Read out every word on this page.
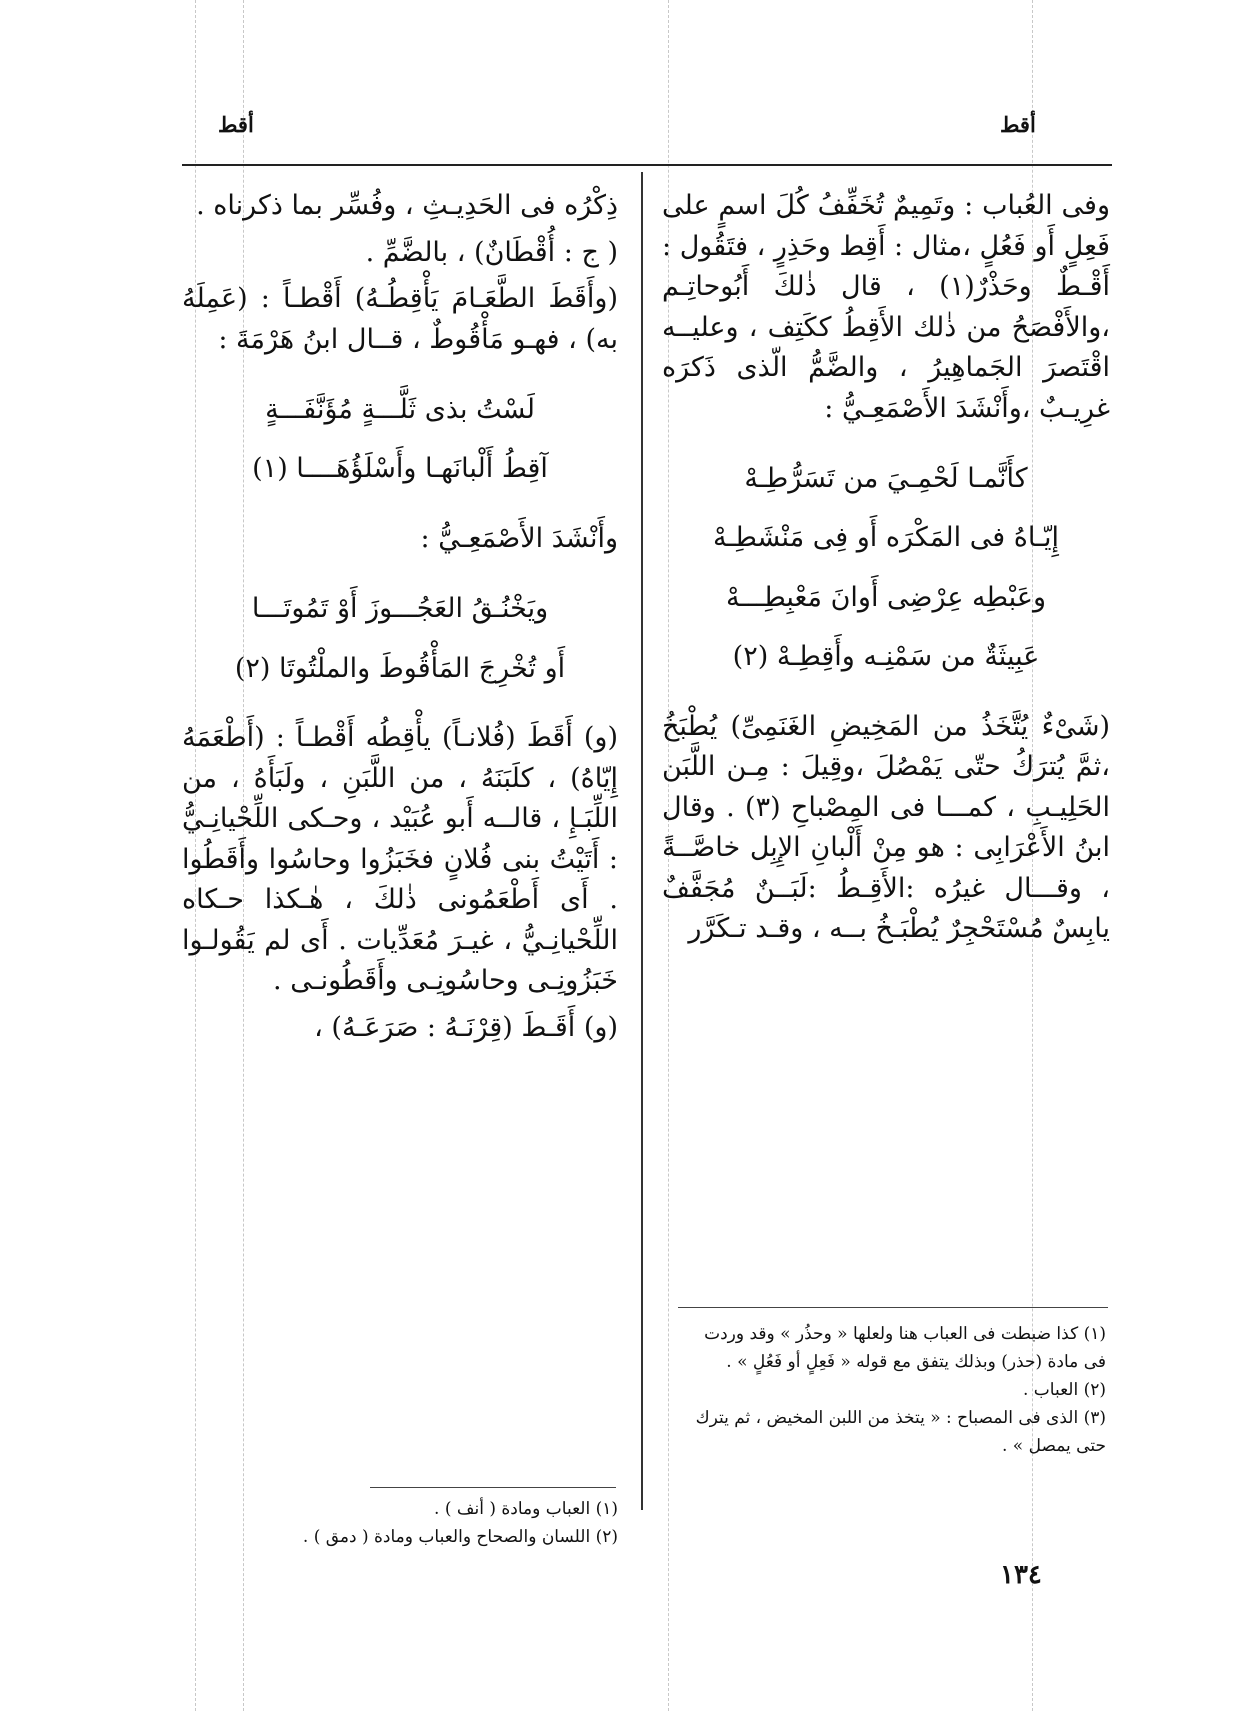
أقط
أقط

وفى العُباب : وتَمِيمٌ تُخَفِّفُ كُلَ اسمٍ على فَعِلٍ أَو فَعُلٍ ،مثال : أَقِط وحَذِرٍ ، فتَقُول : أَقْـطٌ وحَذْرٌ(١) ، قال ذٰلكَ أَبُوحاتِـم ،والأَفْصَحُ من ذٰلك الأَقِطُ ككَتِف ، وعليــه اقْتَصرَ الجَماهِيرُ ، والضَّمُّ الّذى ذَكرَه غرِيـبٌ ،وأَنْشَدَ الأَصْمَعِـيُّ :

كأَنَّمـا لَحْمِـيَ من تَسَرُّطِـهْ
إِيّـاهُ فى المَكْرَه أَو فِى مَنْشَطِـهْ
وعَبْطِه عِرْضِى أَوانَ مَعْبِطِـــهْ
عَبِيثَةٌ من سَمْنِـه وأَقِطِـهْ (٢)

(شَىْءٌ يُتَّخَذُ من المَخِيضِ الغَنَمِىِّ) يُطْبَخُ ،ثمَّ يُترَكُ حتّى يَمْصُلَ ،وقِيلَ : مِـن اللَّبَن الحَلِيـبِ ، كمـــا فى المِصْباحِ (٣) . وقال ابنُ الأَعْرَابِى : هو مِنْ أَلْبانِ الإِبِل خاصَّــةً ، وقـــال غيرُه :الأَقِـطُ :لَبَــنٌ مُجَفَّفٌ يابِسٌ مُسْتَحْجِرٌ يُطْبَـخُ بــه ، وقـد تـكَرَّر

ذِكْرُه فى الحَدِيـثِ ، وفُسِّر بما ذكرناه .

( ج : أُقْطَانٌ) ، بالضَّمِّ .

(وأَقَطَ الطَّعَـامَ يَأْقِطُـهُ) أَقْطـاً : (عَمِلَهُ به) ، فهـو مَأْقُوطٌ ، قــال ابنُ هَرْمَةَ :

لَسْتُ بذى ثَلَّـــةٍ مُؤَنَّفَـــةٍ
آقِطُ أَلْبانَهـا وأَسْلَؤُهَــــا (١)

وأَنْشَدَ الأَصْمَعِـيُّ :

ويَخْنُـقُ العَجُـــوزَ أَوْ تَمُوتَـــا
أَو تُخْرِجَ المَأْقُوطَ والملْتُوتَا (٢)

(و) أَقَطَ (فُلانـاً) يأْقِطُه أَقْطـاً : (أَطْعَمَهُ إِيّاهُ) ، كلَبَنَهُ ، من اللَّبَنِ ، ولَبَأَهُ ، من اللِّبَـإِ ، قالــه أَبو عُبَيْد ، وحـكى اللِّحْيانِـيُّ : أَتَيْتُ بنى فُلانٍ فخَبَزُوا وحاسُوا وأَقَطُوا . أَى أَطْعَمُونى ذٰلكَ ، هٰـكذا حـكاه اللِّحْيانِـيُّ ، غيـرَ مُعَدِّيات . أَى لم يَقُولـوا خَبَزُونِـى وحاسُونِـى وأَقَطُونـى .

(و) أَقَـطَ (قِرْنَـهُ : صَرَعَـهُ) ،

(١) كذا ضبطت فى العباب هنا ولعلها « وحذُر » وقد وردت فى مادة (حذر) وبذلك يتفق مع قوله « فَعِلٍ أو فَعُلٍ » .
(٢) العباب .
(٣) الذى فى المصباح : « يتخذ من اللبن المخيض ، ثم يترك حتى يمصل » .
(١) العباب ومادة ( أنف ) .
(٢) اللسان والصحاح والعباب ومادة ( دمق ) .
١٣٤
